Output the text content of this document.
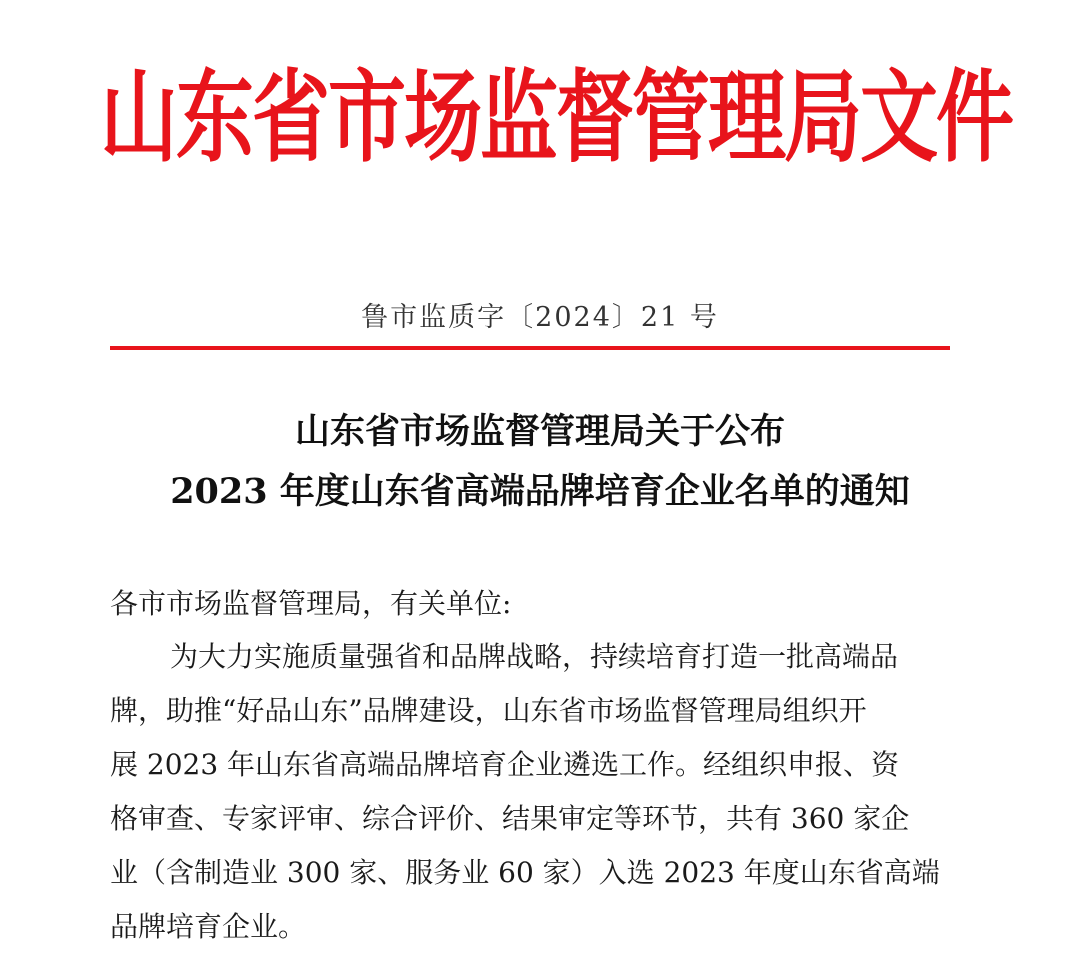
山东省市场监督管理局文件
鲁市监质字〔2024〕21 号
山东省市场监督管理局关于公布
2023 年度山东省高端品牌培育企业名单的通知
各市市场监督管理局，有关单位:
为大力实施质量强省和品牌战略，持续培育打造一批高端品
牌，助推“好品山东”品牌建设，山东省市场监督管理局组织开
展 2023 年山东省高端品牌培育企业遴选工作。经组织申报、资
格审查、专家评审、综合评价、结果审定等环节，共有 360 家企
业（含制造业 300 家、服务业 60 家）入选 2023 年度山东省高端
品牌培育企业。
